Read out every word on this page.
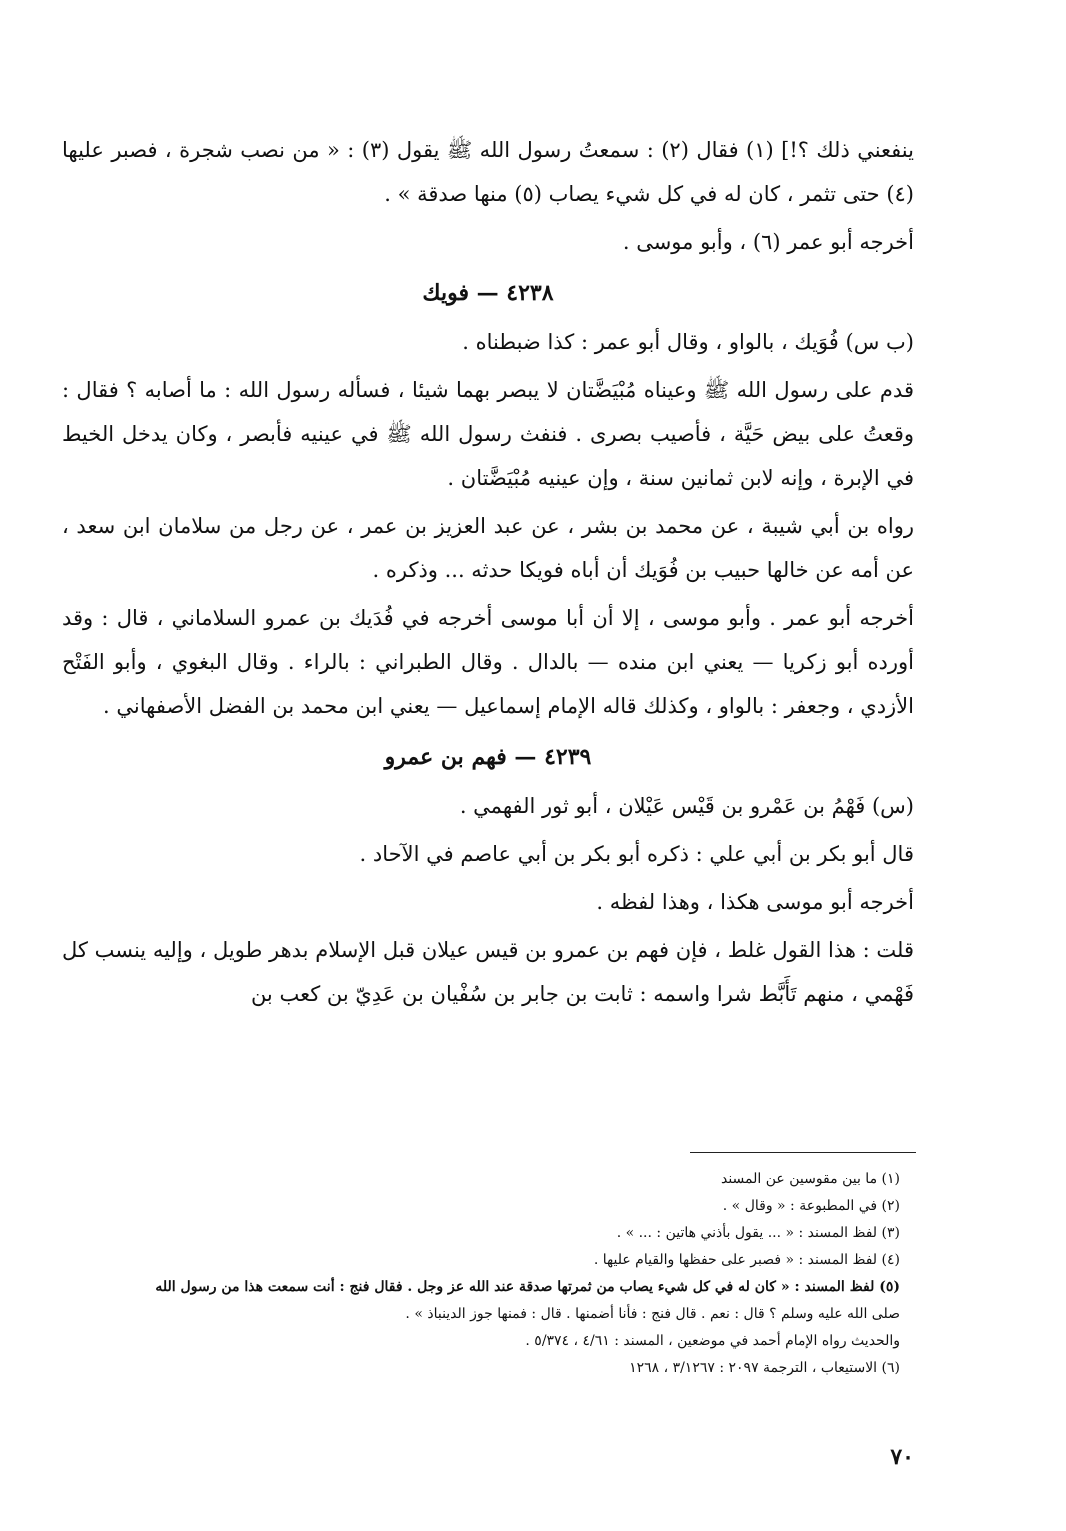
ينفعني ذلك ؟!] (١) فقال (٢) : سمعتُ رسول الله ﷺ يقول (٣) : « من نصب شجرة ، فصبر عليها (٤) حتى تثمر ، كان له في كل شيء يصاب (٥) منها صدقة » .

أخرجه أبو عمر (٦) ، وأبو موسى .

٤٢٣٨ — فويك

(ب س) فُوَيك ، بالواو ، وقال أبو عمر : كذا ضبطناه .

قدم على رسول الله ﷺ وعيناه مُبْيَضَّتان لا يبصر بهما شيئا ، فسأله رسول الله : ما أصابه ؟ فقال : وقعتُ على بيض حَيَّة ، فأصيب بصرى . فنفث رسول الله ﷺ في عينيه فأبصر ، وكان يدخل الخيط في الإبرة ، وإنه لابن ثمانين سنة ، وإن عينيه مُبْيَضَّتان .

رواه بن أبي شيبة ، عن محمد بن بشر ، عن عبد العزيز بن عمر ، عن رجل من سلامان ابن سعد ، عن أمه عن خالها حبيب بن فُوَيك أن أباه فويكا حدثه ... وذكره .

أخرجه أبو عمر . وأبو موسى ، إلا أن أبا موسى أخرجه في فُدَيك بن عمرو السلاماني ، قال : وقد أورده أبو زكريا — يعني ابن منده — بالدال . وقال الطبراني : بالراء . وقال البغوي ، وأبو الفَتْح الأزدي ، وجعفر : بالواو ، وكذلك قاله الإمام إسماعيل — يعني ابن محمد بن الفضل الأصفهاني .

٤٢٣٩ — فهم بن عمرو

(س) فَهْمُ بن عَمْرو بن قَيْس عَيْلان ، أبو ثور الفهمي .

قال أبو بكر بن أبي علي : ذكره أبو بكر بن أبي عاصم في الآحاد .

أخرجه أبو موسى هكذا ، وهذا لفظه .

قلت : هذا القول غلط ، فإن فهم بن عمرو بن قيس عيلان قبل الإسلام بدهر طويل ، وإليه ينسب كل فَهْمي ، منهم تَأَبَّط شرا واسمه : ثابت بن جابر بن سُفْيان بن عَدِيّ بن كعب بن

(١) ما بين مقوسين عن المسند

(٢) في المطبوعة : « وقال » .

(٣) لفظ المسند : « ... يقول بأذني هاتين : ... » .

(٤) لفظ المسند : « فصبر على حفظها والقيام عليها .

(٥) لفظ المسند : « كان له في كل شيء يصاب من ثمرتها صدقة عند الله عز وجل . فقال فنج : أنت سمعت هذا من رسول الله

صلى الله عليه وسلم ؟ قال : نعم . قال فنج : فأنا أضمنها . قال : فمنها جوز الدينباذ » .

والحديث رواه الإمام أحمد في موضعين ، المسند : ٤/٦١ ، ٥/٣٧٤ .

(٦) الاستيعاب ، الترجمة ٢٠٩٧ : ٣/١٢٦٧ ، ١٢٦٨

٧٠
